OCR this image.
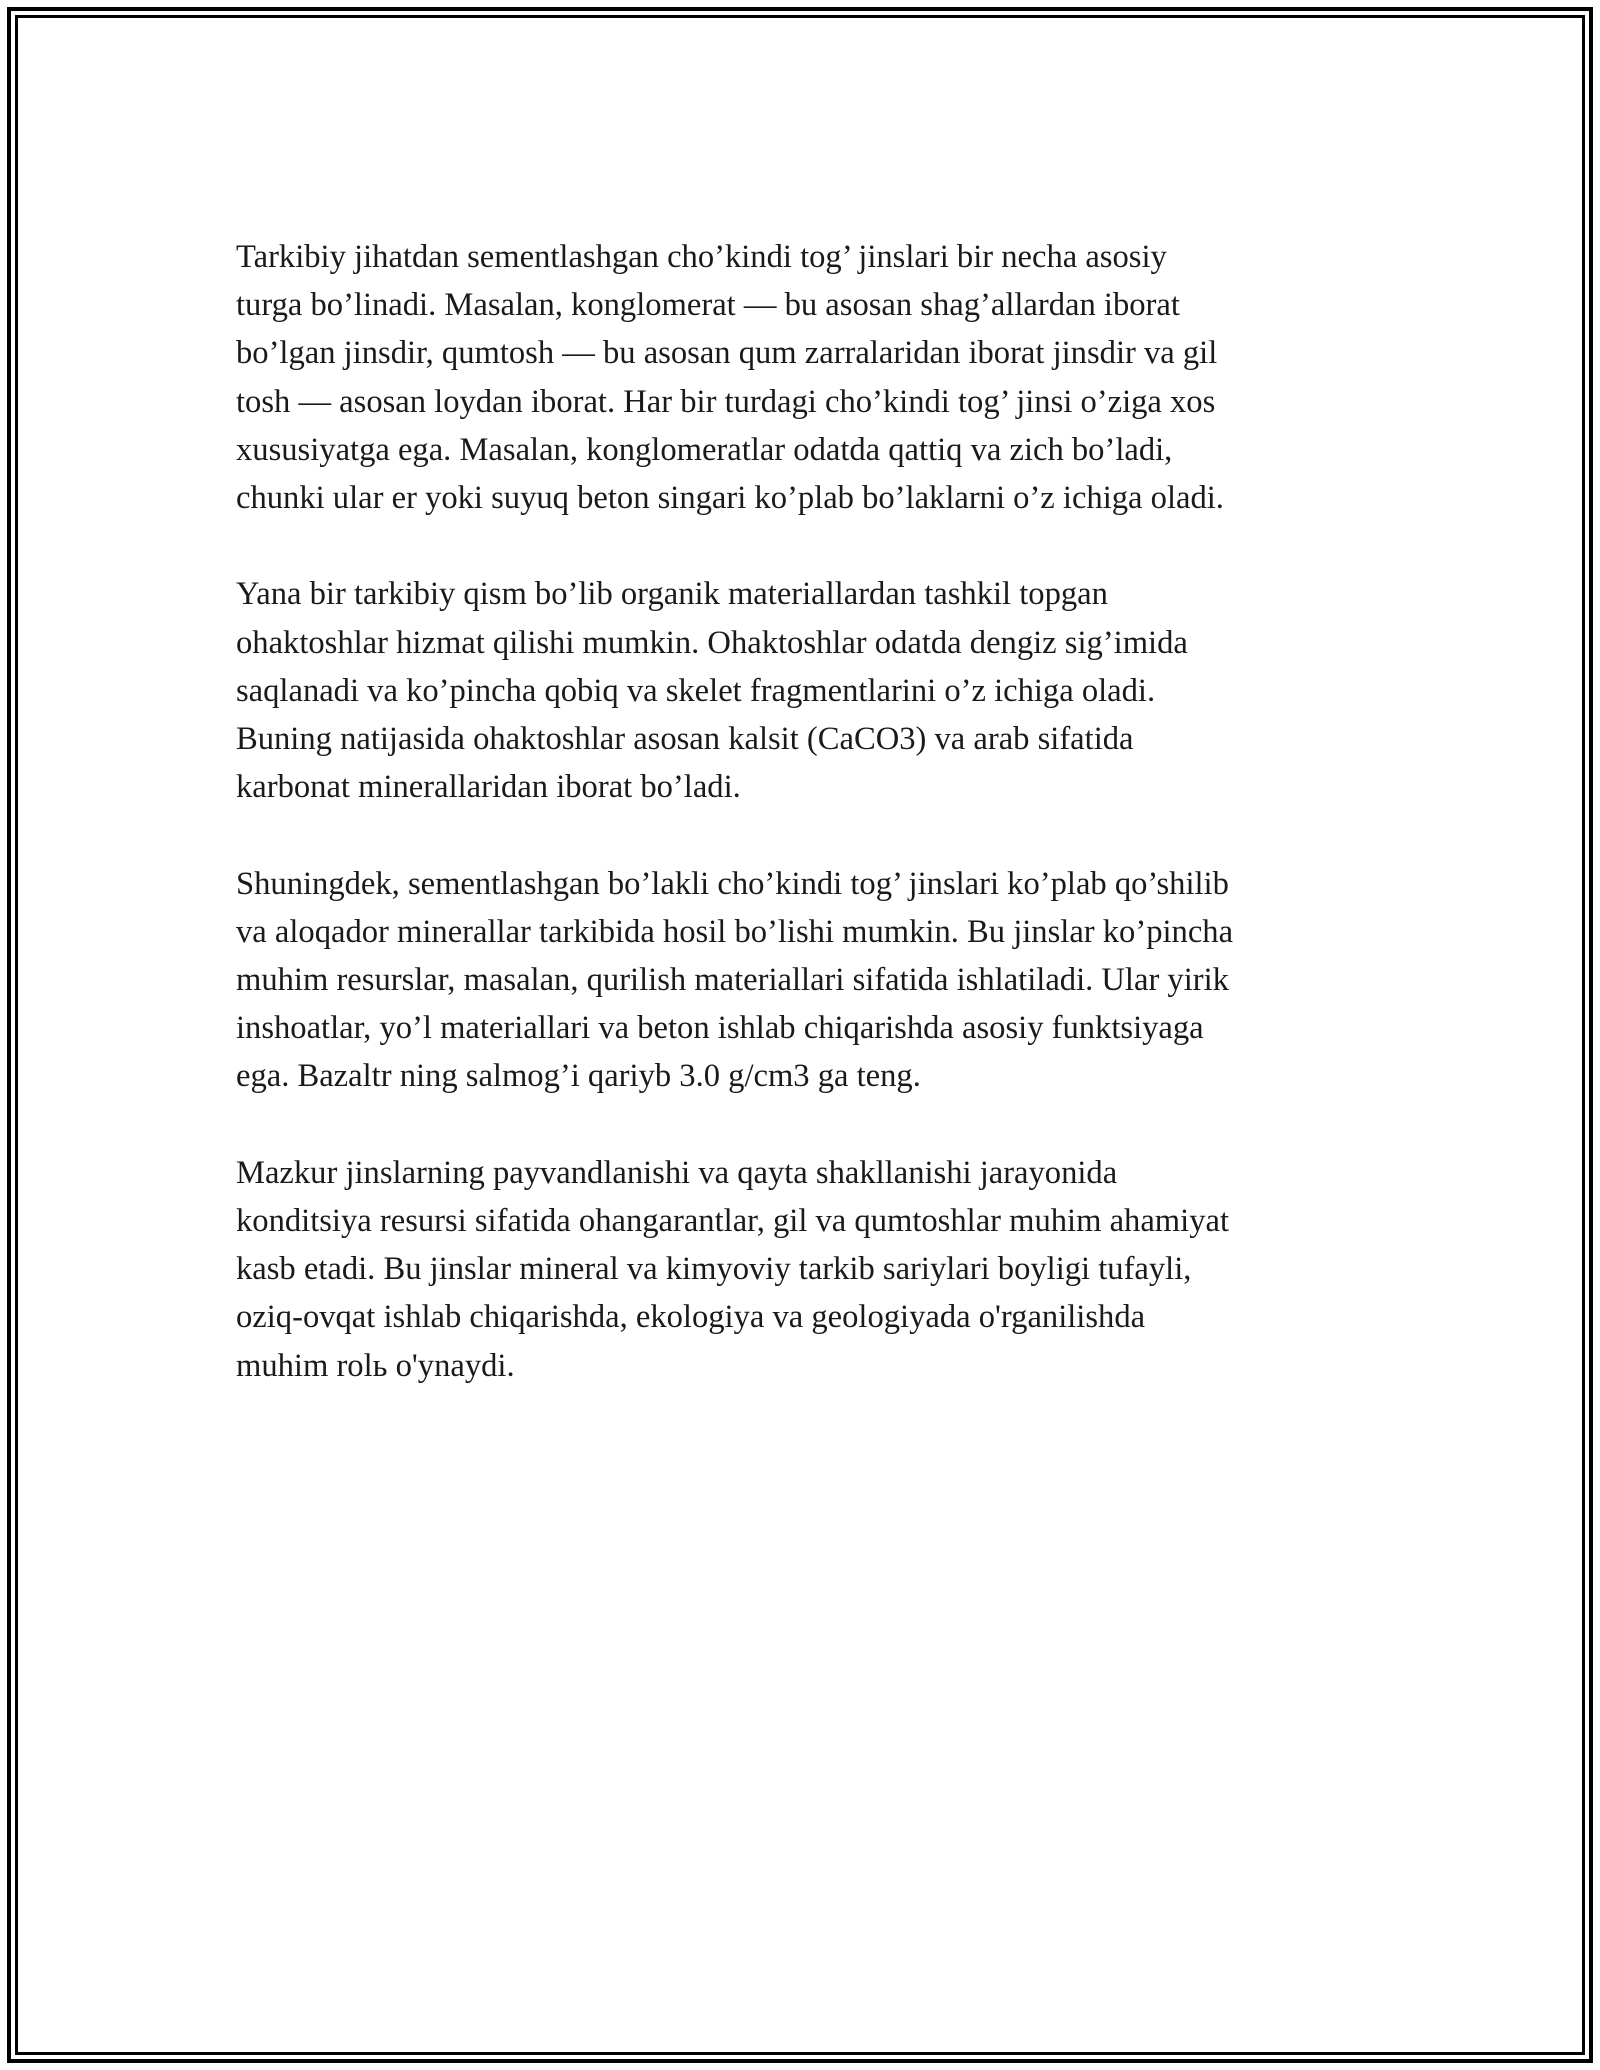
Tarkibiy jihatdan sementlashgan cho’kindi tog’ jinslari bir necha asosiy
turga bo’linadi. Masalan, konglomerat — bu asosan shag’allardan iborat
bo’lgan jinsdir, qumtosh — bu asosan qum zarralaridan iborat jinsdir va gil
tosh — asosan loydan iborat. Har bir turdagi cho’kindi tog’ jinsi o’ziga xos
xususiyatga ega. Masalan, konglomeratlar odatda qattiq va zich bo’ladi,
chunki ular er yoki suyuq beton singari ko’plab bo’laklarni o’z ichiga oladi.

Yana bir tarkibiy qism bo’lib organik materiallardan tashkil topgan
ohaktoshlar hizmat qilishi mumkin. Ohaktoshlar odatda dengiz sig’imida
saqlanadi va ko’pincha qobiq va skelet fragmentlarini o’z ichiga oladi.
Buning natijasida ohaktoshlar asosan kalsit (CaCO3) va arab sifatida
karbonat minerallaridan iborat bo’ladi.

Shuningdek, sementlashgan bo’lakli cho’kindi tog’ jinslari ko’plab qo’shilib
va aloqador minerallar tarkibida hosil bo’lishi mumkin. Bu jinslar ko’pincha
muhim resurslar, masalan, qurilish materiallari sifatida ishlatiladi. Ular yirik
inshoatlar, yo’l materiallari va beton ishlab chiqarishda asosiy funktsiyaga
ega. Bazaltr ning salmog’i qariyb 3.0 g/cm3 ga teng.

Mazkur jinslarning payvandlanishi va qayta shakllanishi jarayonida
konditsiya resursi sifatida ohangarantlar, gil va qumtoshlar muhim ahamiyat
kasb etadi. Bu jinslar mineral va kimyoviy tarkib sariylari boyligi tufayli,
oziq-ovqat ishlab chiqarishda, ekologiya va geologiyada o'rganilishda
muhim rolь o'ynaydi.
